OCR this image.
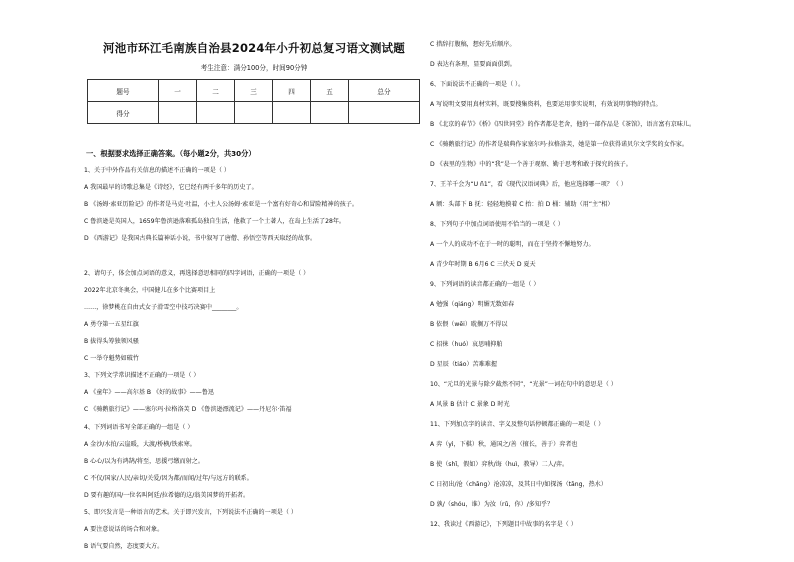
河池市环江毛南族自治县2024年小升初总复习语文测试题
考生注意：满分100分，时间90分钟
题号	一	二	三	四	五	总分
得分						
一、根据要求选择正确答案。（每小题2分，共30分）
1、关于中外作品有关信息的描述不正确的一项是（ ）
A 我国最早的诗歌总集是《诗经》，它已经有两千多年的历史了。
B 《汤姆·索亚历险记》的作者是马克·吐温，小主人公汤姆·索亚是一个富有好奇心和冒险精神的孩子。
C 鲁滨逊是英国人，1659年鲁滨逊落难孤岛独自生活，他救了一个土著人，在岛上生活了28年。
D 《西游记》是我国古典长篇神话小说，书中叙写了唐僧、孙悟空等西天取经的故事。
2、请句子，体会加点词语的意义，再选择意思相同的四字词语，正确的一项是（ ）
2022年北京冬奥会，中国健儿在多个比赛项目上
……，徐梦桃在自由式女子滑雪空中技巧决赛中________。
A 勇夺第一五星红旗
B 拔得头筹独领风骚
C 一举夺魁势如破竹
3、下列文学常识描述不正确的一项是（ ）
A 《童年》——高尔基 B 《好的故事》——鲁迅
C 《骑鹅旅行记》——塞尔玛·拉格洛芙 D 《鲁滨逊漂流记》——丹尼尔·笛福
4、下列词语书写全部正确的一组是（ ）
A 金沙/水拍/云崖暖，大渡/桥横/铁索寒。
B 心心/以为有鸿鹄/将至，思援弓缴而射之。
C 不仅/国家/人民/亲切/关爱/因为都/而闻/过年/与远方的联系。
D 要有趣的国/一位名叫阿廷/拉希德的这/翁美国梦的开拓者。
5、即兴发言是一种语言的艺术。关于即兴发言，下列说法不正确的一项是（ ）
A 要注意说话的场合和对象。
B 语气要自然，态度要大方。
C 措辞打腹稿，想好先后顺序。
D 表达有条理，显要面面俱到。
6、下面说法不正确的一项是（ ）。
A 写说明文要用真材实料，既要搜集资料，也要运用事实说明，有效说明事物的特点。
B 《北京的春节》《桥》《四世同堂》的作者都是老舍，他的一部作品是《茶馆》，语言富有京味儿。
C 《骑鹅旅行记》的作者是瑞典作家塞尔玛·拉格洛芙，她是第一位获得诺贝尔文学奖的女作家。
D 《表里的生物》中的“我”是一个善于观察、勤于思考和敢于探究的孩子。
7、王羊千会为“U ñ1”，看《现代汉语词典》后，他应选择哪一项？（ ）
A 额：头部下 B 抚：轻轻地摸着 C 抬：拍 D 桶：辅助（用“主”相）
8、下列句子中加点词语使用不恰当的一项是（ ）
A 一个人的成功不在于一时的聪明，而在于坚持不懈地努力。
A 青少年时期 B 6月6 C 三伏天 D 夏天
9、下列词语的读音都正确的一组是（ ）
A 勉强（qiáng）明媚无数如春
B 依偎（wēi）耽搁万不得以
C 招徕（huó）哀思哺抑舶
D 星辰（tiáo）苦难难握
10、“元旦的光景与除夕截然不同”，“光景”一词在句中的意思是（ ）
A 风景 B 估计 C 景象 D 时光
11、下列加点字的读音、字义及整句话停顿都正确的一项是（ ）
A 弈（yì，下棋）秋，通国之/善（擅长，善于）弈者也
B 使（shǐ，假如）弈秋/诲（huì，教导）二人/弈。
C 日初出/沧（chāng）沧凉凉，及其日中/如探汤（tāng，热水）
D 孰/（shóu，谁）为汝（rǔ，你）/多知乎？
12、我读过《西游记》，下列题目中故事的名字是（ ）
